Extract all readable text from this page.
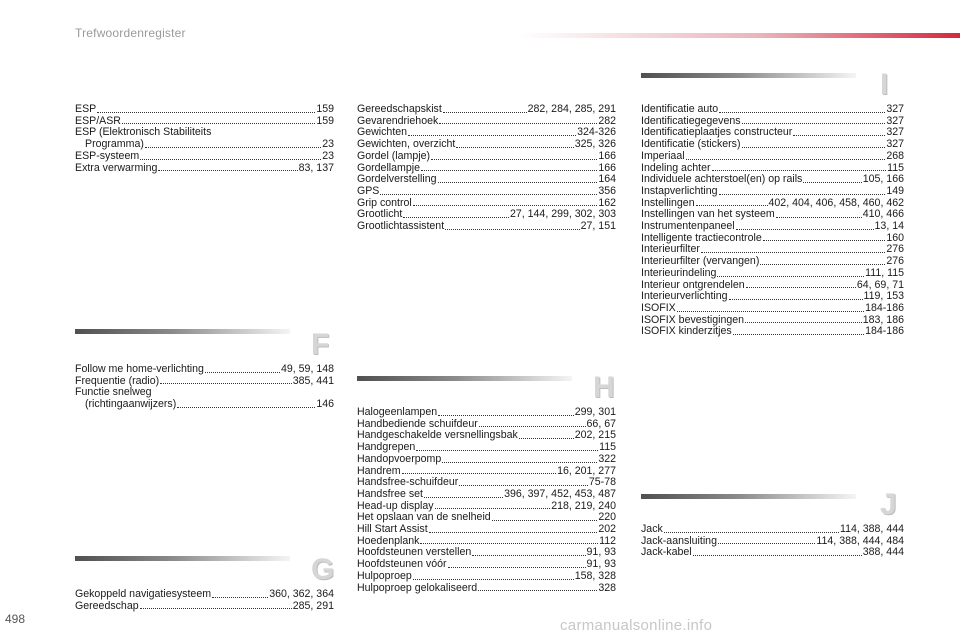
Trefwoordenregister
ESP	159
ESP/ASR	159
ESP (Elektronisch Stabiliteits
Programma)	23
ESP-systeem	23
Extra verwarming	83, 137
F
Follow me home-verlichting	49, 59, 148
Frequentie (radio)	385, 441
Functie snelweg
(richtingaanwijzers)	146
G
Gekoppeld navigatiesysteem	360, 362, 364
Gereedschap	285, 291
Gereedschapskist	282, 284, 285, 291
Gevarendriehoek	282
Gewichten	324-326
Gewichten, overzicht	325, 326
Gordel (lampje)	166
Gordellampje	166
Gordelverstelling	164
GPS	356
Grip control	162
Grootlicht	27, 144, 299, 302, 303
Grootlichtassistent	27, 151
H
Halogeenlampen	299, 301
Handbediende schuifdeur	66, 67
Handgeschakelde versnellingsbak	202, 215
Handgrepen	115
Handopvoerpomp	322
Handrem	16, 201, 277
Handsfree-schuifdeur	75-78
Handsfree set	396, 397, 452, 453, 487
Head-up display	218, 219, 240
Het opslaan van de snelheid	220
Hill Start Assist	202
Hoedenplank	112
Hoofdsteunen verstellen	91, 93
Hoofdsteunen vóór	91, 93
Hulpoproep	158, 328
Hulpoproep gelokaliseerd	328
I
Identificatie auto	327
Identificatiegegevens	327
Identificatieplaatjes constructeur	327
Identificatie (stickers)	327
Imperiaal	268
Indeling achter	115
Individuele achterstoel(en) op rails	105, 166
Instapverlichting	149
Instellingen	402, 404, 406, 458, 460, 462
Instellingen van het systeem	410, 466
Instrumentenpaneel	13, 14
Intelligente tractiecontrole	160
Interieurfilter	276
Interieurfilter (vervangen)	276
Interieurindeling	111, 115
Interieur ontgrendelen	64, 69, 71
Interieurverlichting	119, 153
ISOFIX	184-186
ISOFIX bevestigingen	183, 186
ISOFIX kinderzitjes	184-186
J
Jack	114, 388, 444
Jack-aansluiting	114, 388, 444, 484
Jack-kabel	388, 444
498	carmanualsonline.info
